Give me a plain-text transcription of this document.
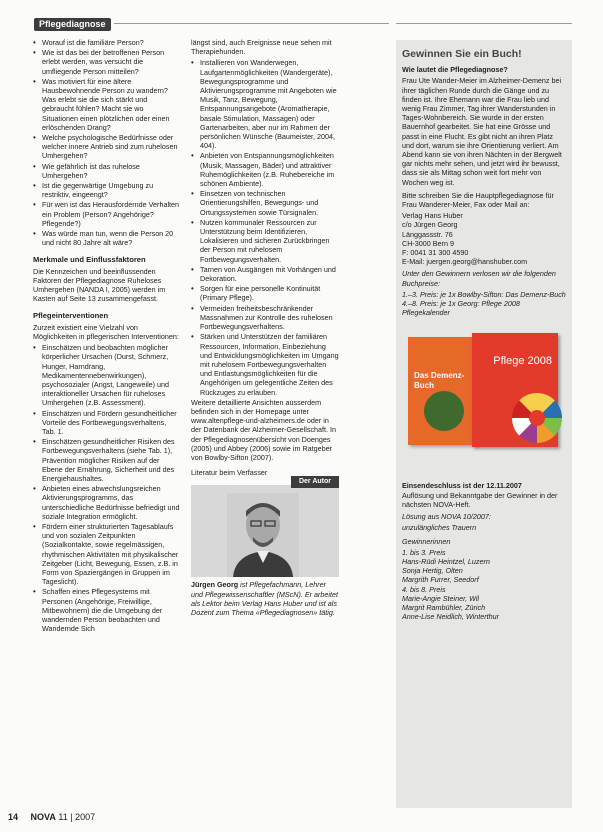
Pflegediagnose
• Worauf ist die familiäre Person?
• Wie ist das bei der betroffenen Person erlebt werden, was versucht die umfliegende Person mitteilen?
• Was motiviert für eine ältere Hausbewohnende Person zu wandern? Was erlebt sie die sich stärkt und gebraucht fühlen? Macht sie wo Situationen einen plötzlichen oder einen erlöschenden Drang?
• Welche psychologische Bedürfnisse oder welcher innere Antrieb sind zum ruhelosen Umhergehen?
• Wie gefährlich ist das ruhelose Umhergehen?
• Ist die gegenwärtige Umgebung zu restriktiv, eingeengt?
• Für wen ist das Herausfordernde Verhalten ein Problem (Person? Angehörige? Pflegende?)
• Was würde man tun, wenn die Person 20 und nicht 80 Jahre alt wäre?
Merkmale und Einflussfaktoren

Die Kennzeichen und beeinflussenden Faktoren der Pflegediagnose Ruheloses Umhergehen (NANDA I, 2005) werden im Kasten auf Seite 13 zusammengefasst.

Pflegeinterventionen

Zurzeit existiert eine Vielzahl von Möglichkeiten in pflegerischen Interventionen:

• Einschätzen und beobachten möglicher körperlicher Ursachen (Durst, Schmerz, Hunger, Harndrang, Medikamentennebenwirkungen), psychosozialer (Angst, Langeweile) und interaktioneller Ursachen für ruheloses Umhergehen (z.B. Assessment).
• Einschätzen und Fördern gesundheitlicher Vorteile des Fortbewegungsverhaltens, Tab. 1.
• Einschätzen gesundheitlicher Risiken des Fortbewegungsverhaltens (siehe Tab. 1), Prävention möglicher Risiken auf der Ebene der Ernährung, Sicherheit und des Energiehaushaltes.
• Anbieten eines abwechslungsreichen Aktivierungsprogramms, das unterschiedliche Bedürfnisse befriedigt und soziale Integration ermöglicht.
• Fördern einer strukturierten Tagesablaufs und von sozialen Zeitpunkten (Sozialkontakte, sowie regelmässigen, rhythmischen Aktivitäten mit physikalischer Zeitgeber (Licht, Bewegung, Essen, z.B. in Form von Spaziergängen in Gruppen im Tageslicht).
• Schaffen eines Pflegesystems mit Personen (Angehörige, Freiwillige, Mitbewohnern) die die Umgebung der wandernden Person beobachten und Wandernde Sich

längst sind, auch Ereignisse neue sehen mit Therapiehunden.

• Installieren von Wanderwegen, Laufgartenmöglichkeiten (Wandergeräte), Bewegungsprogramme und Aktivierungsprogramme mit Angeboten wie Musik, Tanz, Bewegung, Entspannungsangebote (Aromatherapie, basale Stimulation, Massagen) oder Gartenarbeiten, aber nur im Rahmen der persönlichen Wünsche (Baumeister, 2004, 404).
• Anbieten von Entspannungsmöglichkeiten (Musik, Massagen, Bäder) und attraktiver Ruhemöglichkeiten (z.B. Ruhebereiche im schönen Ambiente).
• Einsetzen von technischen Orientierungshilfen, Bewegungs- und Ortungssystemen sowie Türsignalen.
• Nutzen kommunaler Ressourcen zur Unterstützung beim Identifizieren, Lokalisieren und sicheren Zurückbringen der Person mit ruhelosem Fortbewegungsverhalten.
• Tarnen von Ausgängen mit Vorhängen und Dekoration.
• Sorgen für eine personelle Kontinuität (Primary Pflege).
• Vermeiden freiheitsbeschränkender Massnahmen zur Kontrolle des ruhelosen Fortbewegungsverhaltens.
• Stärken und Unterstützen der familiären Ressourcen, Information, Einbeziehung und Entwicklungsmöglichkeiten im Umgang mit ruhelosem Fortbewegungsverhalten und Entlastungsmöglichkeiten für die Angehörigen um gelegentliche Zeiten des Rückzuges zu erlauben.

Weitere detaillierte Ansichten ausserdem befinden sich in der Homepage unter www.altenpflege-und-alzheimers.de oder in der Datenbank der Alzheimer-Gesellschaft. In der Pflegediagnosenübersicht von Doenges (2005) und Abbey (2006) sowie im Ratgeber von Bowlby-Sifton (2007).

Literatur beim Verfasser

Der Autor

Jürgen Georg ist Pflegefachmann, Lehrer und Pflegewissenschaftler (MScN). Er arbeitet als Lektor beim Verlag Hans Huber und ist als Dozent zum Thema «Pflegediagnosen» tätig.

Gewinnen Sie ein Buch!
Wie lautet die Pflegediagnose?

Frau Ute Wander-Meier im Alzheimer-Demenz bei ihrer täglichen Runde durch die Gänge und zu finden ist. Ihre Ehemann war die Frau lieb und wenig Frau Zimmer, Tag ihrer Wanderstunden in Tages-Wohnbereich. Sie wurde in der ersten Bauernhof gearbeitet. Sie hat eine Grösse und passt in eine Flucht. Es gibt nicht an ihren Platz und dort, warum sie ihre Orientierung verliert. Am Abend kann sie von ihren Nächten in der Bergwelt gar nichts mehr sehen, und jetzt wird ihr bewusst, dass sie als Mittag schon weit fort mehr von Wochen weg ist.

Bitte schreiben Sie die Hauptpflegediagnose für Frau Wanderer-Meier, Fax oder Mail an:

Verlag Hans Huber
c/o Jürgen Georg
Länggassstr. 76
CH-3000 Bern 9
F: 0041 31 300 4590
E-Mail: juergen.georg@hanshuber.com

Unter den Gewinnern verlosen wir die folgenden Buchpreise:

1.–3. Preis: je 1x Bowlby-Sifton: Das Demenz-Buch
4.–8. Preis: je 1x Georg: Pflege 2008 Pflegekalender
Das Demenz-Buch
Pflege 2008
Einsendeschluss ist der 12.11.2007

Auflösung und Bekanntgabe der Gewinner in der nächsten NOVA-Heft.

Lösung aus NOVA 10/2007:

unzulängliches Trauern

Gewinnerinnen

1. bis 3. Preis
Hans-Rüdi Heintzel, Luzern
Sonja Hertig, Olten
Margrith Furrer, Seedorf
4. bis 8. Preis
Marie-Angie Steiner, Wil
Margrit Rambühler, Zürich
Anne-Lise Neidlich, Winterthur
14 NOVA 11 | 2007
